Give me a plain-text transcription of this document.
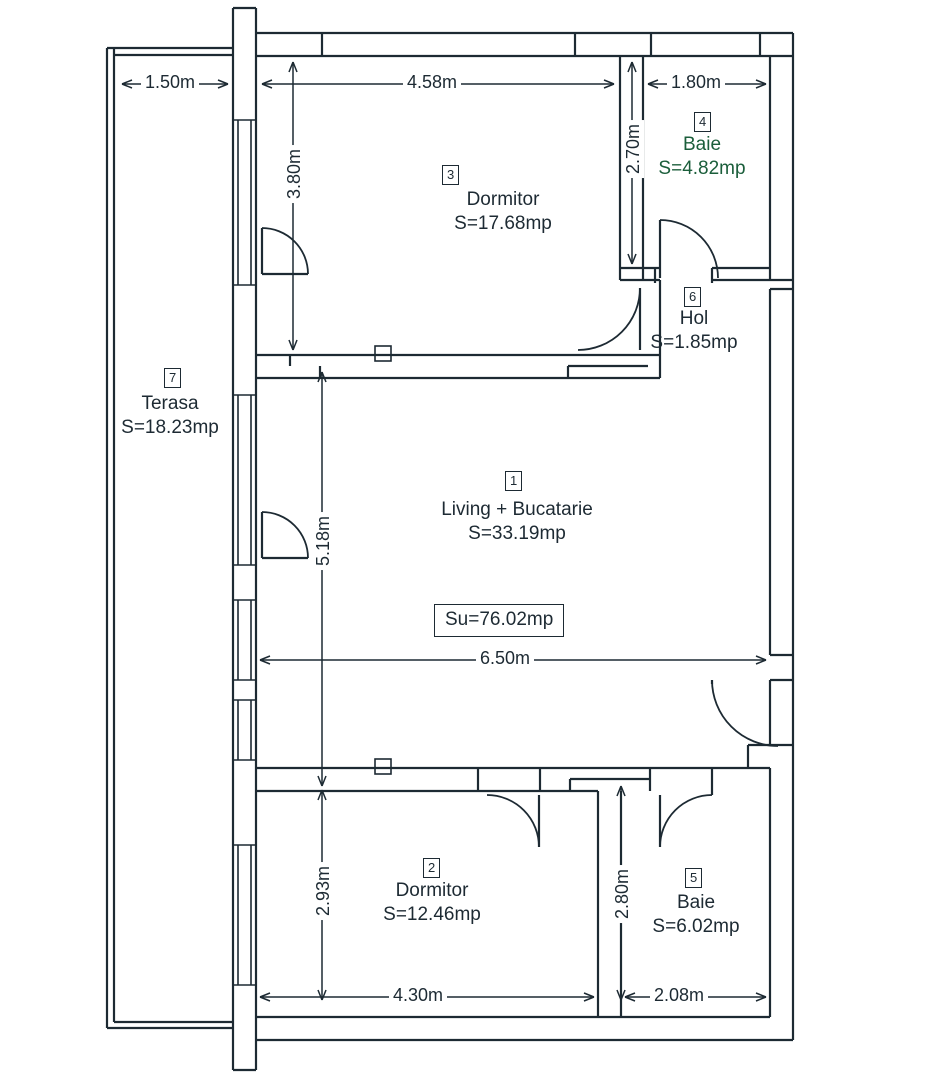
1
2
3
4
5
6
7
Dormitor
S=17.68mp
Baie
S=4.82mp
Hol
S=1.85mp
Terasa
S=18.23mp
Living + Bucatarie
S=33.19mp
Dormitor
S=12.46mp
Baie
S=6.02mp
Su=76.02mp
1.50m	4.58m	1.80m
3.80m	2.70m
5.18m
6.50m
2.93m	2.80m
4.30m	2.08m
